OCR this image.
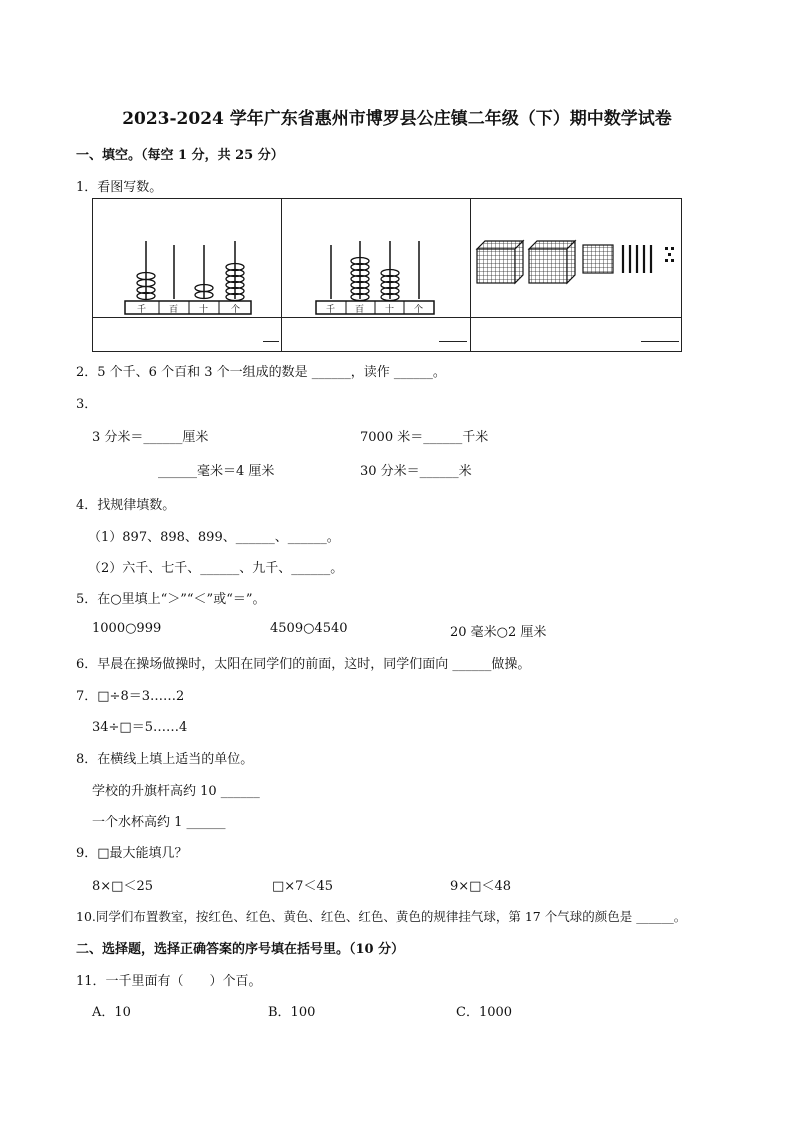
2023-2024 学年广东省惠州市博罗县公庄镇二年级（下）期中数学试卷
一、填空。（每空 1 分，共 25 分）
1．看图写数。
千	百 十	个	千 百 十 个
2．5 个千、6 个百和 3 个一组成的数是 ______，读作 ______。
3．
3 分米＝______厘米	7000 米＝______千米
______毫米＝4 厘米	30 分米＝______米
4．找规律填数。
（1）897、898、899、______、______。
（2）六千、七千、______、九千、______。
5．在○里填上“＞”“＜”或“＝”。
1000○999	4509○4540	20 毫米○2 厘米
6．早晨在操场做操时，太阳在同学们的前面，这时，同学们面向 ______做操。
7．□÷8＝3……2
34÷□＝5……4
8．在横线上填上适当的单位。
学校的升旗杆高约 10 ______
一个水杯高约 1 ______
9．□最大能填几？
8×□＜25	□×7＜45	9×□＜48
10.同学们布置教室，按红色、红色、黄色、红色、红色、黄色的规律挂气球，第 17 个气球的颜色是 ______。
二、选择题，选择正确答案的序号填在括号里。（10 分）
11．一千里面有（　　）个百。
A．10	B．100	C．1000
